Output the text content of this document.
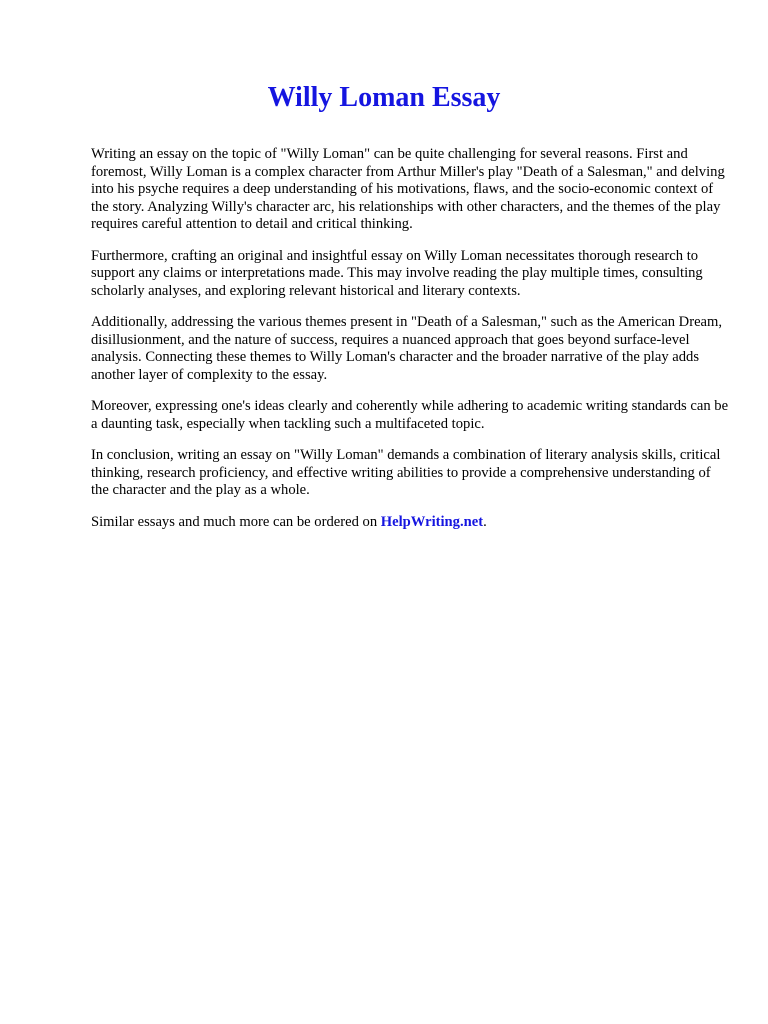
Willy Loman Essay

Writing an essay on the topic of "Willy Loman" can be quite challenging for several reasons. First and foremost, Willy Loman is a complex character from Arthur Miller's play "Death of a Salesman," and delving into his psyche requires a deep understanding of his motivations, flaws, and the socio-economic context of the story. Analyzing Willy's character arc, his relationships with other characters, and the themes of the play requires careful attention to detail and critical thinking.

Furthermore, crafting an original and insightful essay on Willy Loman necessitates thorough research to support any claims or interpretations made. This may involve reading the play multiple times, consulting scholarly analyses, and exploring relevant historical and literary contexts.

Additionally, addressing the various themes present in "Death of a Salesman," such as the American Dream, disillusionment, and the nature of success, requires a nuanced approach that goes beyond surface-level analysis. Connecting these themes to Willy Loman's character and the broader narrative of the play adds another layer of complexity to the essay.

Moreover, expressing one's ideas clearly and coherently while adhering to academic writing standards can be a daunting task, especially when tackling such a multifaceted topic.

In conclusion, writing an essay on "Willy Loman" demands a combination of literary analysis skills, critical thinking, research proficiency, and effective writing abilities to provide a comprehensive understanding of the character and the play as a whole.

Similar essays and much more can be ordered on HelpWriting.net.
